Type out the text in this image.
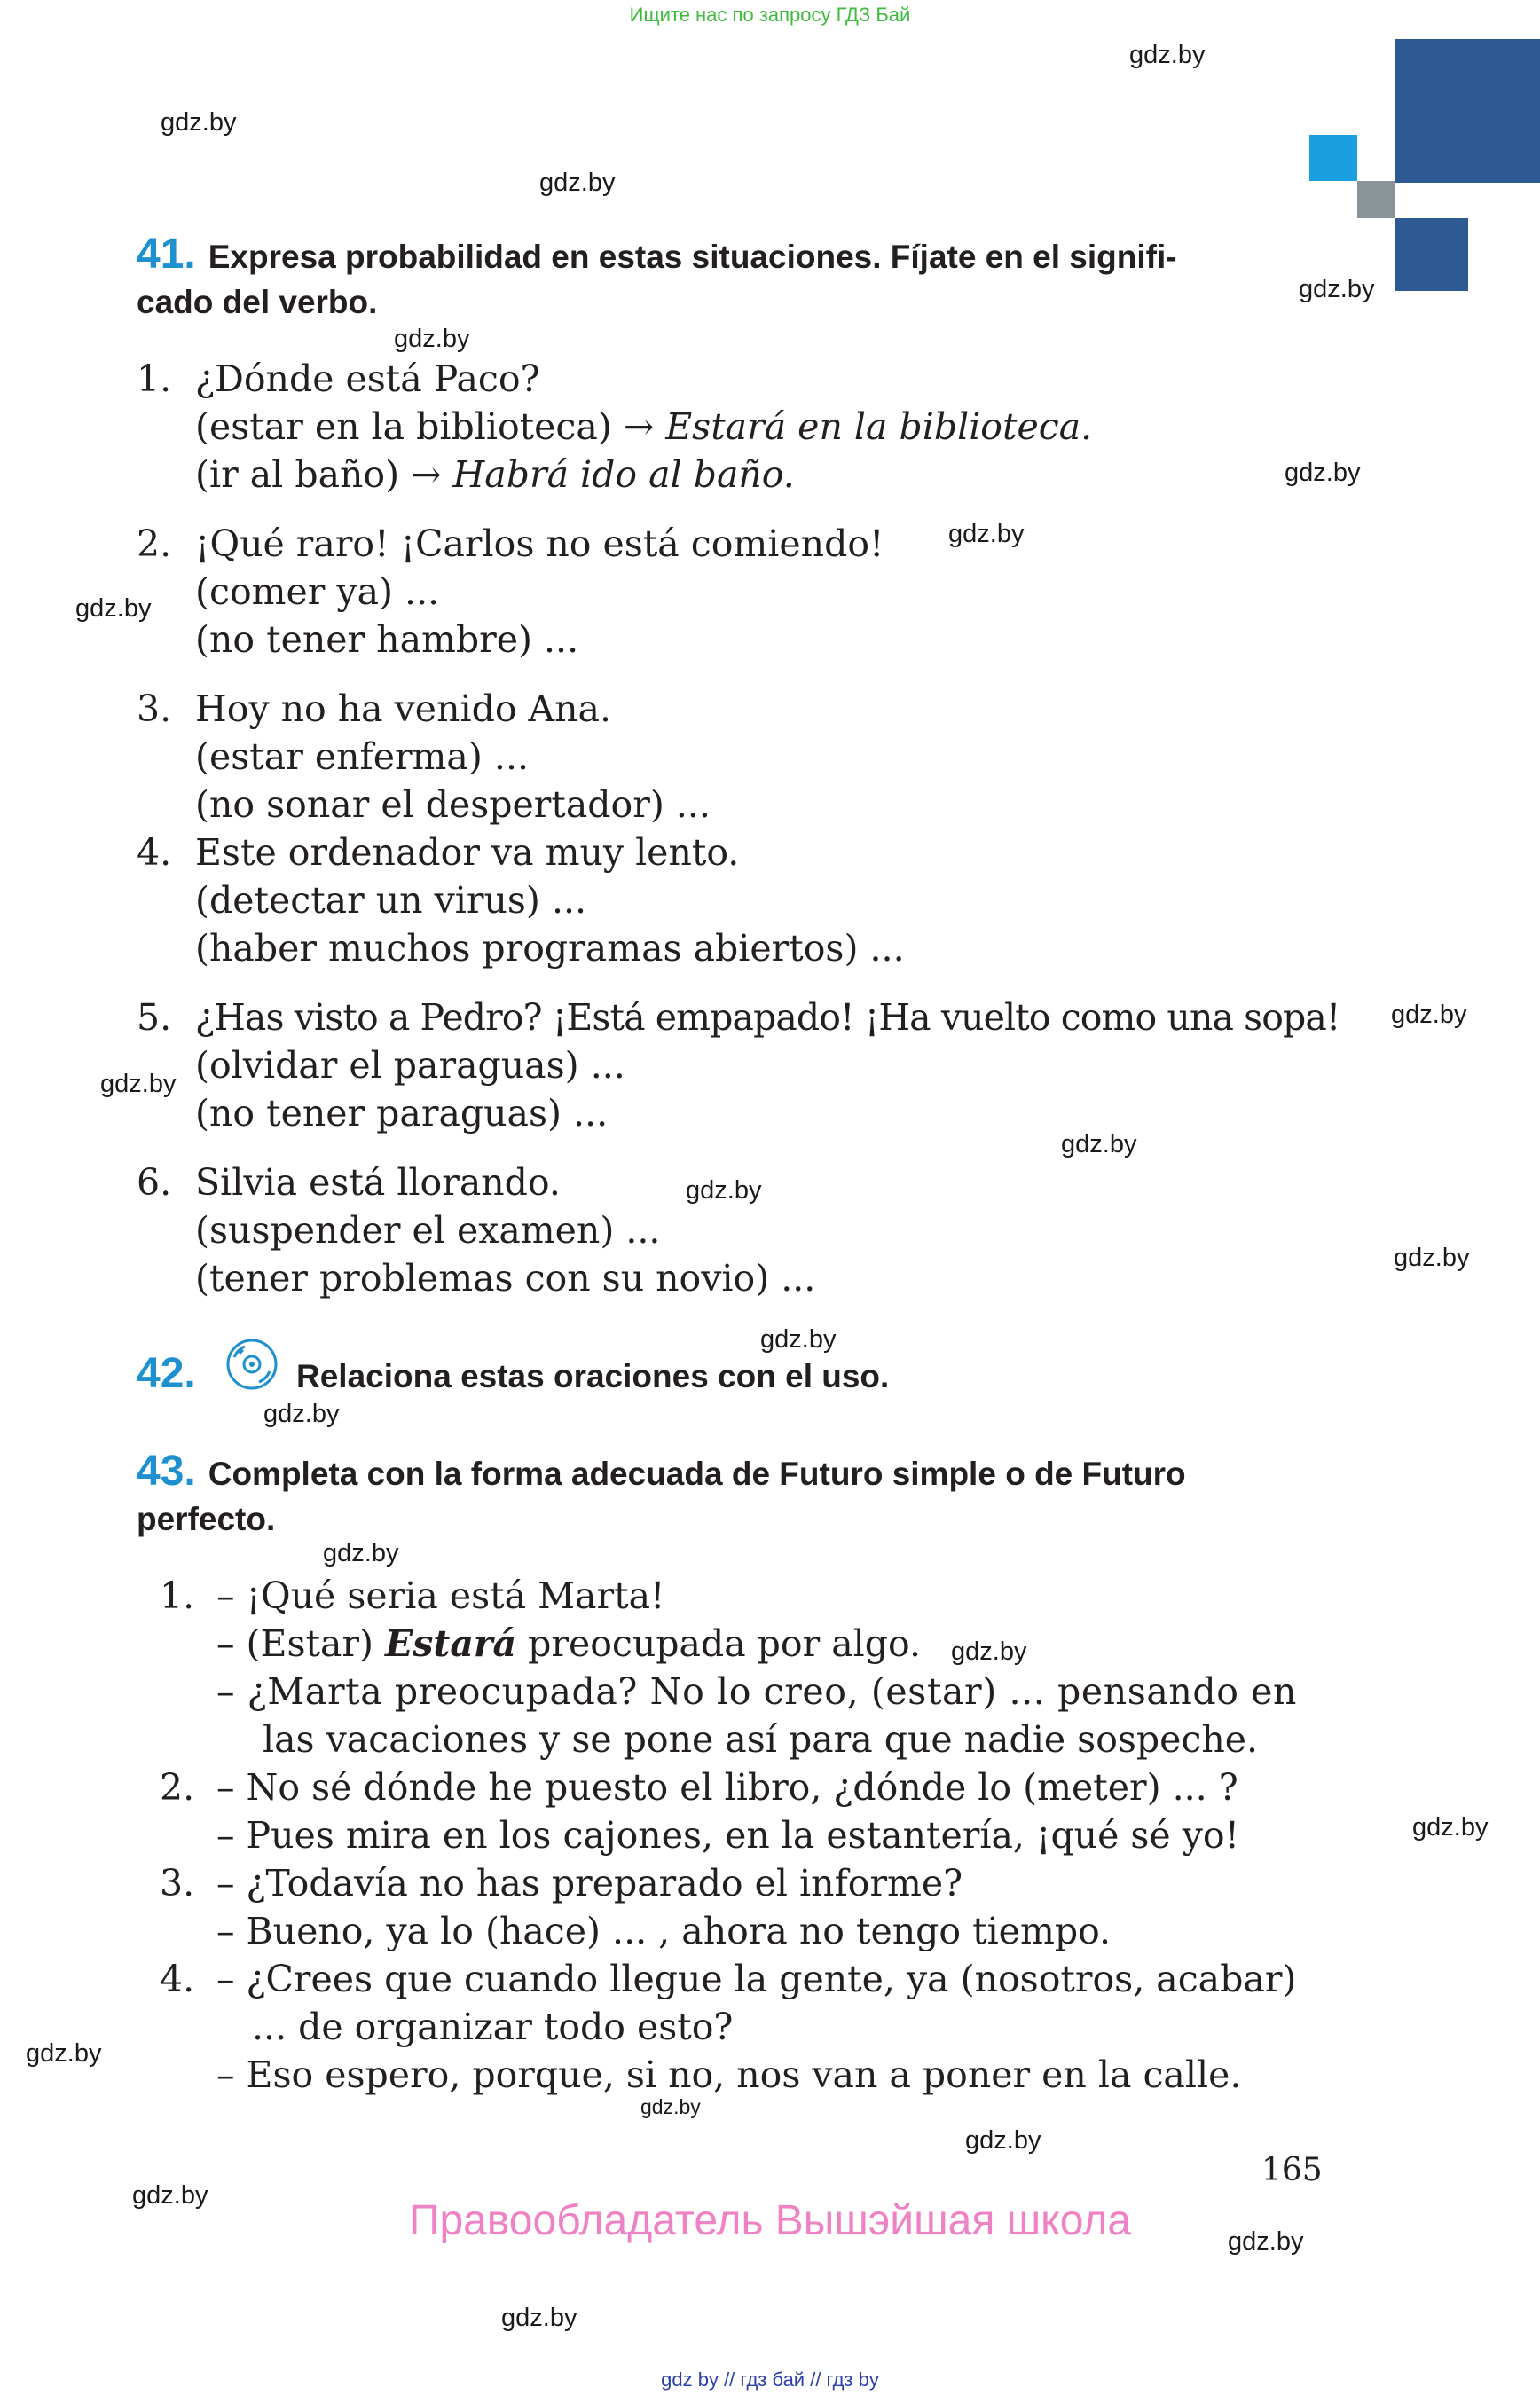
Ищите нас по запросу ГДЗ Бай
gdz.by
gdz.by
gdz.by
gdz.by
gdz.by
gdz.by
gdz.by
gdz.by
gdz.by
gdz.by
gdz.by
gdz.by
gdz.by
gdz.by
gdz.by
gdz.by
gdz.by
gdz.by
gdz.by
gdz.by
gdz.by
gdz.by
gdz.by
gdz.by
41. Expresa probabilidad en estas situaciones. Fíjate en el signifi-
cado del verbo.
1. ¿Dónde está Paco?
(estar en la biblioteca) → Estará en la biblioteca.
(ir al baño) → Habrá ido al baño.
2. ¡Qué raro! ¡Carlos no está comiendo!
(comer ya) ...
(no tener hambre) ...
3. Hoy no ha venido Ana.
(estar enferma) ...
(no sonar el despertador) ...
4. Este ordenador va muy lento.
(detectar un virus) ...
(haber muchos programas abiertos) ...
5. ¿Has visto a Pedro? ¡Está empapado! ¡Ha vuelto como una sopa!
(olvidar el paraguas) ...
(no tener paraguas) ...
6. Silvia está llorando.
(suspender el examen) ...
(tener problemas con su novio) ...
42.	Relaciona estas oraciones con el uso.
43. Completa con la forma adecuada de Futuro simple o de Futuro
perfecto.
1. – ¡Qué seria está Marta!
– (Estar) Estará preocupada por algo.
– ¿Marta preocupada? No lo creo, (estar) ... pensando en
las vacaciones y se pone así para que nadie sospeche.
2. – No sé dónde he puesto el libro, ¿dónde lo (meter) ... ?
– Pues mira en los cajones, en la estantería, ¡qué sé yo!
3. – ¿Todavía no has preparado el informe?
– Bueno, ya lo (hace) ... , ahora no tengo tiempo.
4. – ¿Crees que cuando llegue la gente, ya (nosotros, acabar)
... de organizar todo esto?
– Eso espero, porque, si no, nos van a poner en la calle.
165
Правообладатель Вышэйшая школа
gdz by // гдз бай // гдз by
